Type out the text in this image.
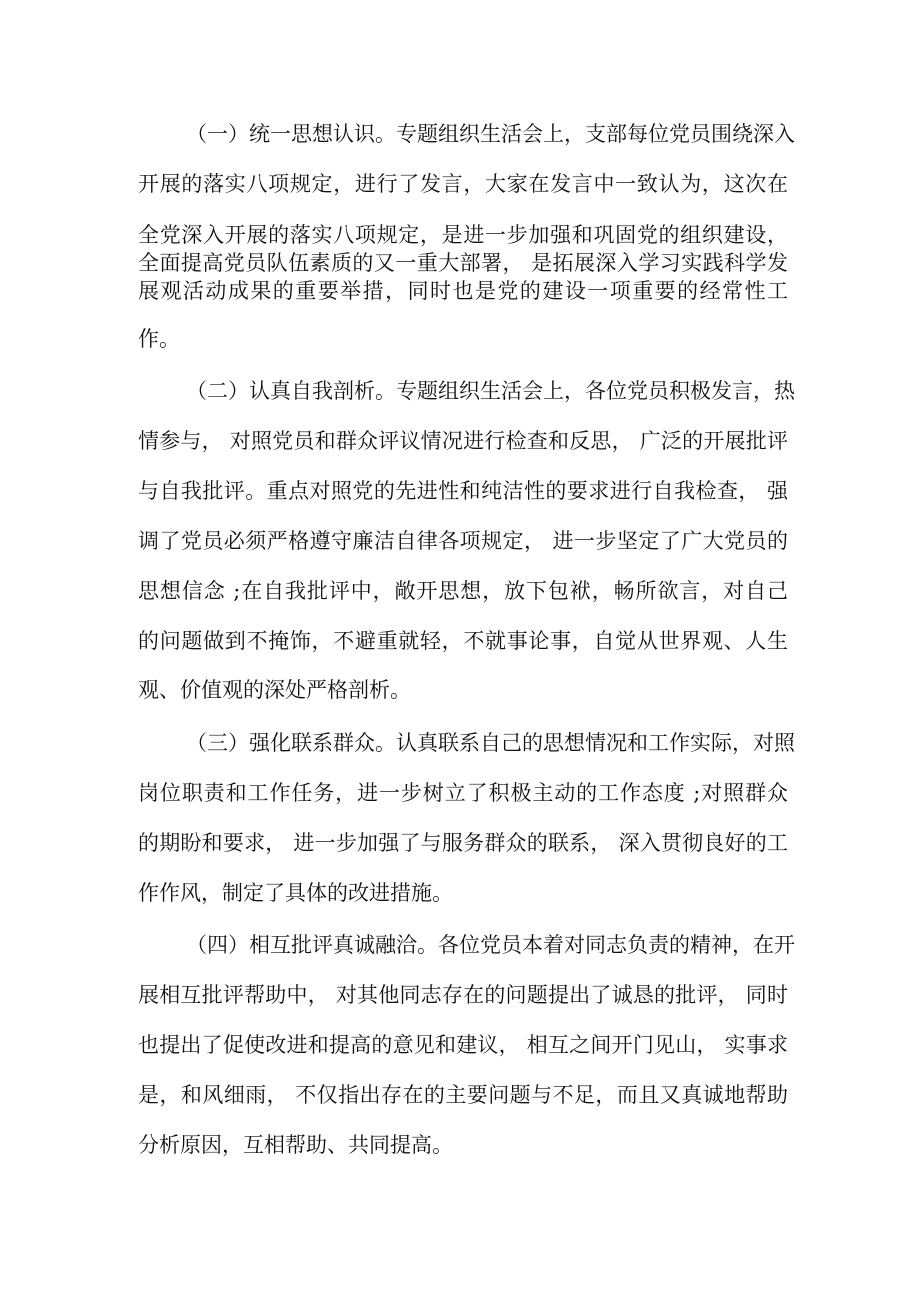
（一）统一思想认识。专题组织生活会上，支部每位党员围绕深入
开展的落实八项规定，进行了发言，大家在发言中一致认为，这次在
全党深入开展的落实八项规定，是进一步加强和巩固党的组织建设，
全面提高党员队伍素质的又一重大部署， 是拓展深入学习实践科学发
展观活动成果的重要举措，同时也是党的建设一项重要的经常性工
作。
（二）认真自我剖析。专题组织生活会上，各位党员积极发言，热
情参与， 对照党员和群众评议情况进行检查和反思， 广泛的开展批评
与自我批评。重点对照党的先进性和纯洁性的要求进行自我检查， 强
调了党员必须严格遵守廉洁自律各项规定， 进一步坚定了广大党员的
思想信念 ;在自我批评中，敞开思想，放下包袱，畅所欲言，对自己
的问题做到不掩饰，不避重就轻，不就事论事，自觉从世界观、人生
观、价值观的深处严格剖析。
（三）强化联系群众。认真联系自己的思想情况和工作实际，对照
岗位职责和工作任务，进一步树立了积极主动的工作态度 ;对照群众
的期盼和要求， 进一步加强了与服务群众的联系， 深入贯彻良好的工
作作风，制定了具体的改进措施。
（四）相互批评真诚融洽。各位党员本着对同志负责的精神，在开
展相互批评帮助中， 对其他同志存在的问题提出了诚恳的批评， 同时
也提出了促使改进和提高的意见和建议， 相互之间开门见山， 实事求
是，和风细雨， 不仅指出存在的主要问题与不足，而且又真诚地帮助
分析原因，互相帮助、共同提高。
